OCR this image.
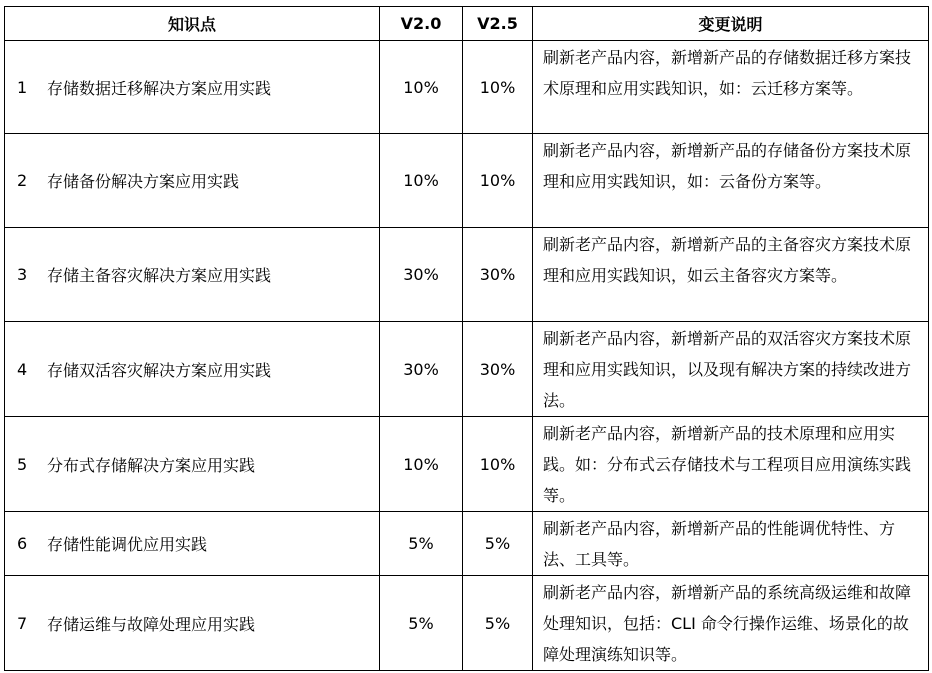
知识点	V2.0	V2.5	变更说明

1 存储数据迁移解决方案应用实践	10%	10%	刷新老产品内容，新增新产品的存储数据迁移方案技术原理和应用实践知识，如：云迁移方案等。

2 存储备份解决方案应用实践	10%	10%	刷新老产品内容，新增新产品的存储备份方案技术原理和应用实践知识，如：云备份方案等。

3 存储主备容灾解决方案应用实践	30%	30%	刷新老产品内容，新增新产品的主备容灾方案技术原理和应用实践知识，如云主备容灾方案等。

4 存储双活容灾解决方案应用实践	30%	30%	刷新老产品内容，新增新产品的双活容灾方案技术原理和应用实践知识，以及现有解决方案的持续改进方法。

5 分布式存储解决方案应用实践	10%	10%	刷新老产品内容，新增新产品的技术原理和应用实践。如：分布式云存储技术与工程项目应用演练实践等。

6 存储性能调优应用实践	5%	5%	刷新老产品内容，新增新产品的性能调优特性、方法、工具等。

7 存储运维与故障处理应用实践	5%	5%	刷新老产品内容，新增新产品的系统高级运维和故障处理知识，包括：CLI 命令行操作运维、场景化的故障处理演练知识等。
